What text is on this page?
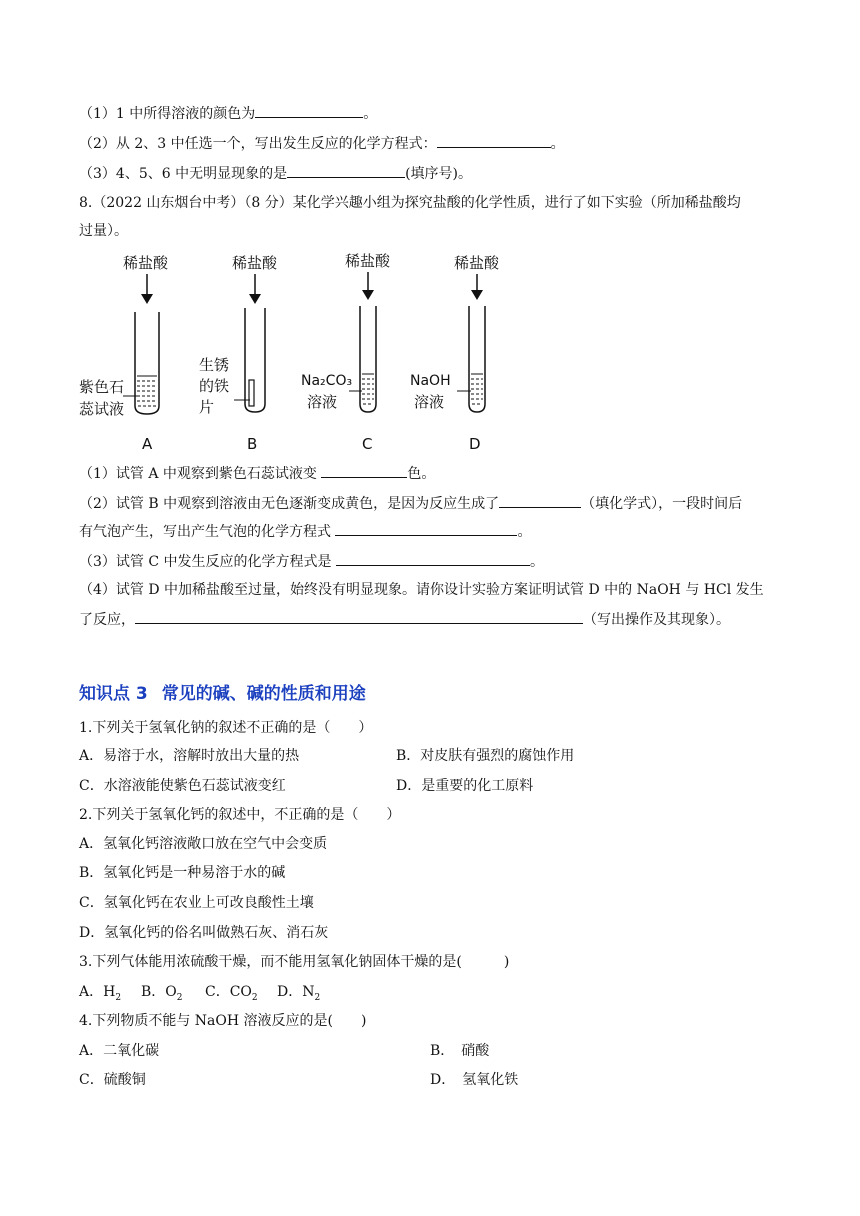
（1）1 中所得溶液的颜色为	。
（2）从 2、3 中任选一个，写出发生反应的化学方程式：	。
（3）4、5、6 中无明显现象的是	(填序号)。
8.（2022 山东烟台中考）（8 分）某化学兴趣小组为探究盐酸的化学性质，进行了如下实验（所加稀盐酸均
过量）。
稀盐酸
紫色石
蕊试液
A
稀盐酸
生锈
的铁
片
B
稀盐酸
Na₂CO₃
溶液
C
稀盐酸
NaOH
溶液
D
（1）试管 A 中观察到紫色石蕊试液变	色。
（2）试管 B 中观察到溶液由无色逐渐变成黄色，是因为反应生成了	（填化学式），一段时间后
有气泡产生，写出产生气泡的化学方程式	。
（3）试管 C 中发生反应的化学方程式是	。
（4）试管 D 中加稀盐酸至过量，始终没有明显现象。请你设计实验方案证明试管 D 中的 NaOH 与 HCl 发生
了反应，	（写出操作及其现象）。
知识点 3 常见的碱、碱的性质和用途
1.下列关于氢氧化钠的叙述不正确的是（　　）
A．易溶于水，溶解时放出大量的热	B．对皮肤有强烈的腐蚀作用
C．水溶液能使紫色石蕊试液变红	D．是重要的化工原料
2.下列关于氢氧化钙的叙述中，不正确的是（　　）
A．氢氧化钙溶液敞口放在空气中会变质
B．氢氧化钙是一种易溶于水的碱
C．氢氧化钙在农业上可改良酸性土壤
D．氢氧化钙的俗名叫做熟石灰、消石灰
3.下列气体能用浓硫酸干燥，而不能用氢氧化钠固体干燥的是(　　　)
A．$H_2$ B．$O_2$ C．$CO_2$ D．$N_2$
4.下列物质不能与 NaOH 溶液反应的是(　　)
A．二氧化碳	B．　硝酸
C．硫酸铜	D．　氢氧化铁
